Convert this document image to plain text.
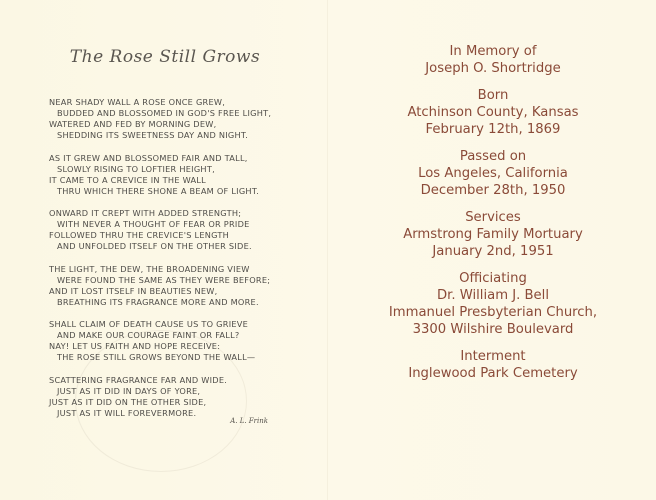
The Rose Still Grows
NEAR SHADY WALL A ROSE ONCE GREW,
BUDDED AND BLOSSOMED IN GOD'S FREE LIGHT,
WATERED AND FED BY MORNING DEW,
SHEDDING ITS SWEETNESS DAY AND NIGHT.
AS IT GREW AND BLOSSOMED FAIR AND TALL,
SLOWLY RISING TO LOFTIER HEIGHT,
IT CAME TO A CREVICE IN THE WALL
THRU WHICH THERE SHONE A BEAM OF LIGHT.
ONWARD IT CREPT WITH ADDED STRENGTH;
WITH NEVER A THOUGHT OF FEAR OR PRIDE
FOLLOWED THRU THE CREVICE'S LENGTH
AND UNFOLDED ITSELF ON THE OTHER SIDE.
THE LIGHT, THE DEW, THE BROADENING VIEW
WERE FOUND THE SAME AS THEY WERE BEFORE;
AND IT LOST ITSELF IN BEAUTIES NEW,
BREATHING ITS FRAGRANCE MORE AND MORE.
SHALL CLAIM OF DEATH CAUSE US TO GRIEVE
AND MAKE OUR COURAGE FAINT OR FALL?
NAY! LET US FAITH AND HOPE RECEIVE:
THE ROSE STILL GROWS BEYOND THE WALL—
SCATTERING FRAGRANCE FAR AND WIDE.
JUST AS IT DID IN DAYS OF YORE,
JUST AS IT DID ON THE OTHER SIDE,
JUST AS IT WILL FOREVERMORE.
A. L. Frink
In Memory of
Joseph O. Shortridge
Born
Atchinson County, Kansas
February 12th, 1869
Passed on
Los Angeles, California
December 28th, 1950
Services
Armstrong Family Mortuary
January 2nd, 1951
Officiating
Dr. William J. Bell
Immanuel Presbyterian Church,
3300 Wilshire Boulevard
Interment
Inglewood Park Cemetery
